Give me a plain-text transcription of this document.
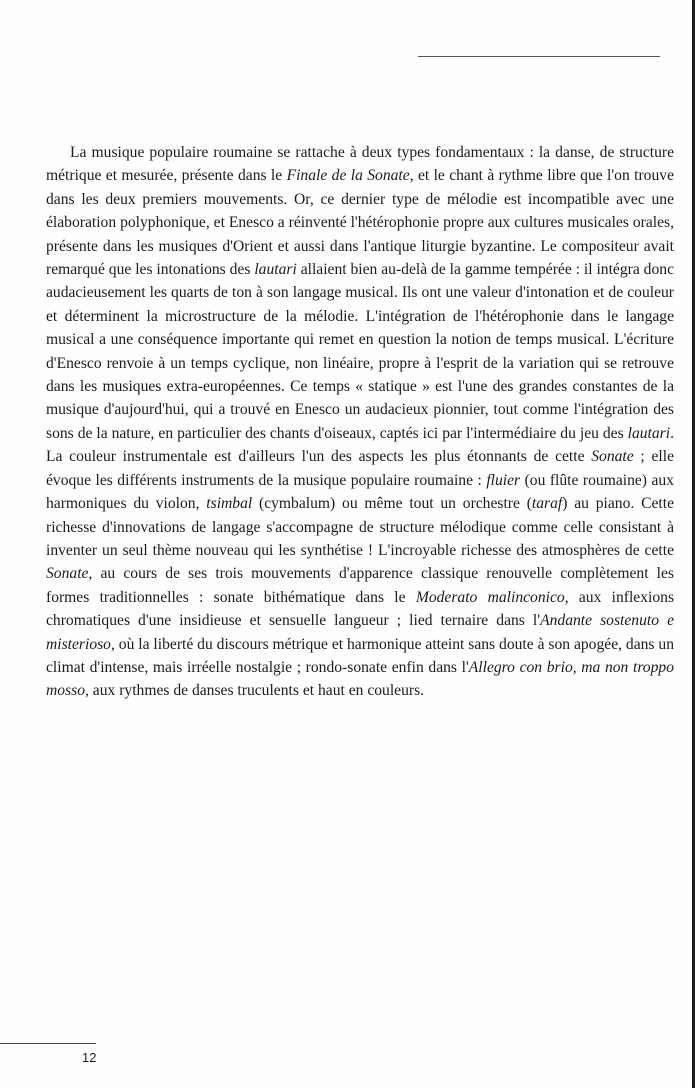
La musique populaire roumaine se rattache à deux types fondamentaux : la danse, de structure métrique et mesurée, présente dans le Finale de la Sonate, et le chant à rythme libre que l'on trouve dans les deux premiers mouvements. Or, ce dernier type de mélodie est incompatible avec une élaboration polyphonique, et Enesco a réinventé l'hétérophonie propre aux cultures musicales orales, présente dans les musiques d'Orient et aussi dans l'antique liturgie byzantine. Le compositeur avait remarqué que les intonations des lautari allaient bien au-delà de la gamme tempérée : il intégra donc audacieusement les quarts de ton à son langage musical. Ils ont une valeur d'intonation et de couleur et déterminent la microstructure de la mélodie. L'intégration de l'hétérophonie dans le langage musical a une conséquence importante qui remet en question la notion de temps musical. L'écriture d'Enesco renvoie à un temps cyclique, non linéaire, propre à l'esprit de la variation qui se retrouve dans les musiques extra-européennes. Ce temps « statique » est l'une des grandes constantes de la musique d'aujourd'hui, qui a trouvé en Enesco un audacieux pionnier, tout comme l'intégration des sons de la nature, en particulier des chants d'oiseaux, captés ici par l'intermédiaire du jeu des lautari. La couleur instrumentale est d'ailleurs l'un des aspects les plus étonnants de cette Sonate ; elle évoque les différents instruments de la musique populaire roumaine : fluier (ou flûte roumaine) aux harmoniques du violon, tsimbal (cymbalum) ou même tout un orchestre (taraf) au piano. Cette richesse d'innovations de langage s'accompagne de structure mélodique comme celle consistant à inventer un seul thème nouveau qui les synthétise ! L'incroyable richesse des atmosphères de cette Sonate, au cours de ses trois mouvements d'apparence classique renouvelle complètement les formes traditionnelles : sonate bithématique dans le Moderato malinconico, aux inflexions chromatiques d'une insidieuse et sensuelle langueur ; lied ternaire dans l'Andante sostenuto e misterioso, où la liberté du discours métrique et harmonique atteint sans doute à son apogée, dans un climat d'intense, mais irréelle nostalgie ; rondo-sonate enfin dans l'Allegro con brio, ma non troppo mosso, aux rythmes de danses truculents et haut en couleurs.

12
